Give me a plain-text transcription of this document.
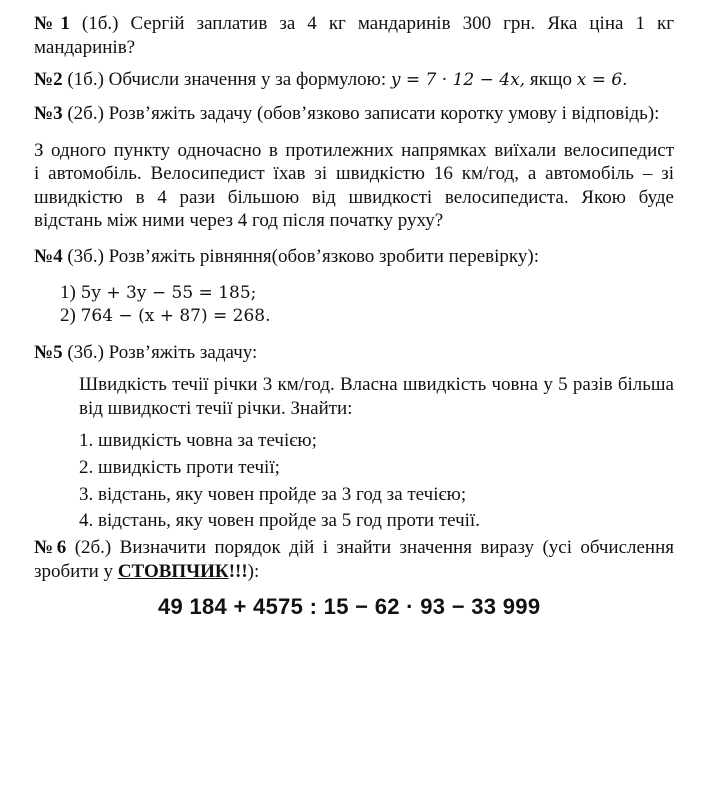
№1 (1б.) Сергій заплатив за 4 кг мандаринів 300 грн. Яка ціна 1 кг
мандаринів?
№2 (1б.) Обчисли значення у за формулою: y = 7 · 12 − 4x, якщо x = 6.
№3 (2б.) Розв’яжіть задачу (обов’язково записати коротку умову і відповідь):
З одного пункту одночасно в протилежних напрямках виїхали велосипедист
і автомобіль. Велосипедист їхав зі швидкістю 16 км/год, а автомобіль – зі
швидкістю в 4 рази більшою від швидкості велосипедиста. Якою буде
відстань між ними через 4 год після початку руху?
№4 (3б.) Розв’яжіть рівняння(обов’язково зробити перевірку):
1) 5y + 3y − 55 = 185;
2) 764 − (x + 87) = 268.
№5 (3б.) Розв’яжіть задачу:
Швидкість течії річки 3 км/год. Власна швидкість човна у 5 разів більша
від швидкості течії річки. Знайти:
1. швидкість човна за течією;
2. швидкість проти течії;
3. відстань, яку човен пройде за 3 год за течією;
4. відстань, яку човен пройде за 5 год проти течії.
№6 (2б.) Визначити порядок дій і знайти значення виразу (усі обчислення
зробити у СТОВПЧИК!!!):
49 184 + 4575 : 15 − 62 · 93 − 33 999
